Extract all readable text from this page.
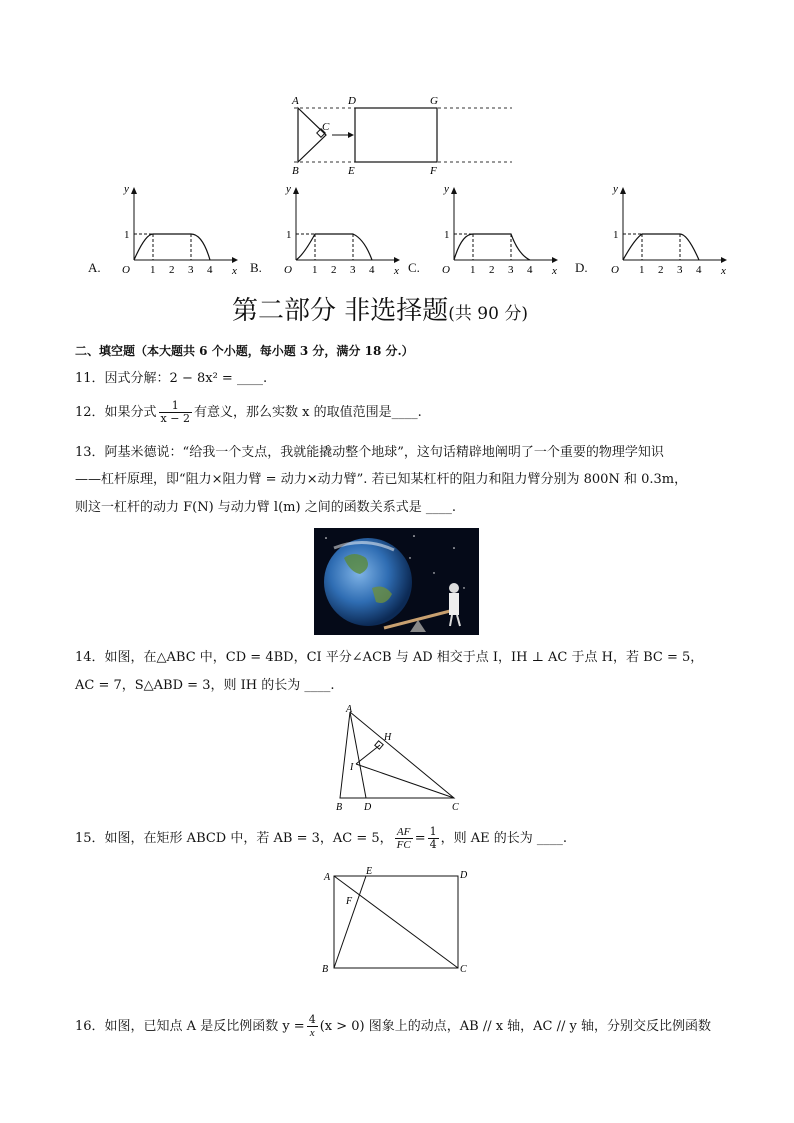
A	D	G
C
B	E	F
A.	B.	C.	D.
y
x
O
1
1 2 3 4
y
x
O
1
1 2 3 4
y
x
O
1
1 2 3 4
y
x
O
1
1 2 3 4
第二部分 非选择题(共 90 分)
二、填空题（本大题共 6 个小题，每小题 3 分，满分 18 分.）
11．因式分解：2 − 8x² = ____.
12．如果分式 $\frac{1}{x - 2}$ 有意义，那么实数 x 的取值范围是____.
13．阿基米德说：“给我一个支点，我就能撬动整个地球”，这句话精辟地阐明了一个重要的物理学知识
——杠杆原理，即“阻力×阻力臂 = 动力×动力臂”. 若已知某杠杆的阻力和阻力臂分别为 800N 和 0.3m，
则这一杠杆的动力 F(N) 与动力臂 l(m) 之间的函数关系式是 ____.
14．如图，在△ABC 中，CD = 4BD，CI 平分∠ACB 与 AD 相交于点 I，IH ⊥ AC 于点 H，若 BC = 5，
AC = 7，S△ABD = 3，则 IH 的长为 ____.
A
H
I
B D	C
15．如图，在矩形 ABCD 中，若 AB = 3，AC = 5， $\frac{AF}{FC} = \frac{1}{4}$ ，则 AE 的长为 ____.
A
E	D
F
B	C
16．如图，已知点 A 是反比例函数 $y = \frac{4}{x} (x > 0)$ 图象上的动点，AB // x 轴，AC // y 轴，分别交反比例函数
